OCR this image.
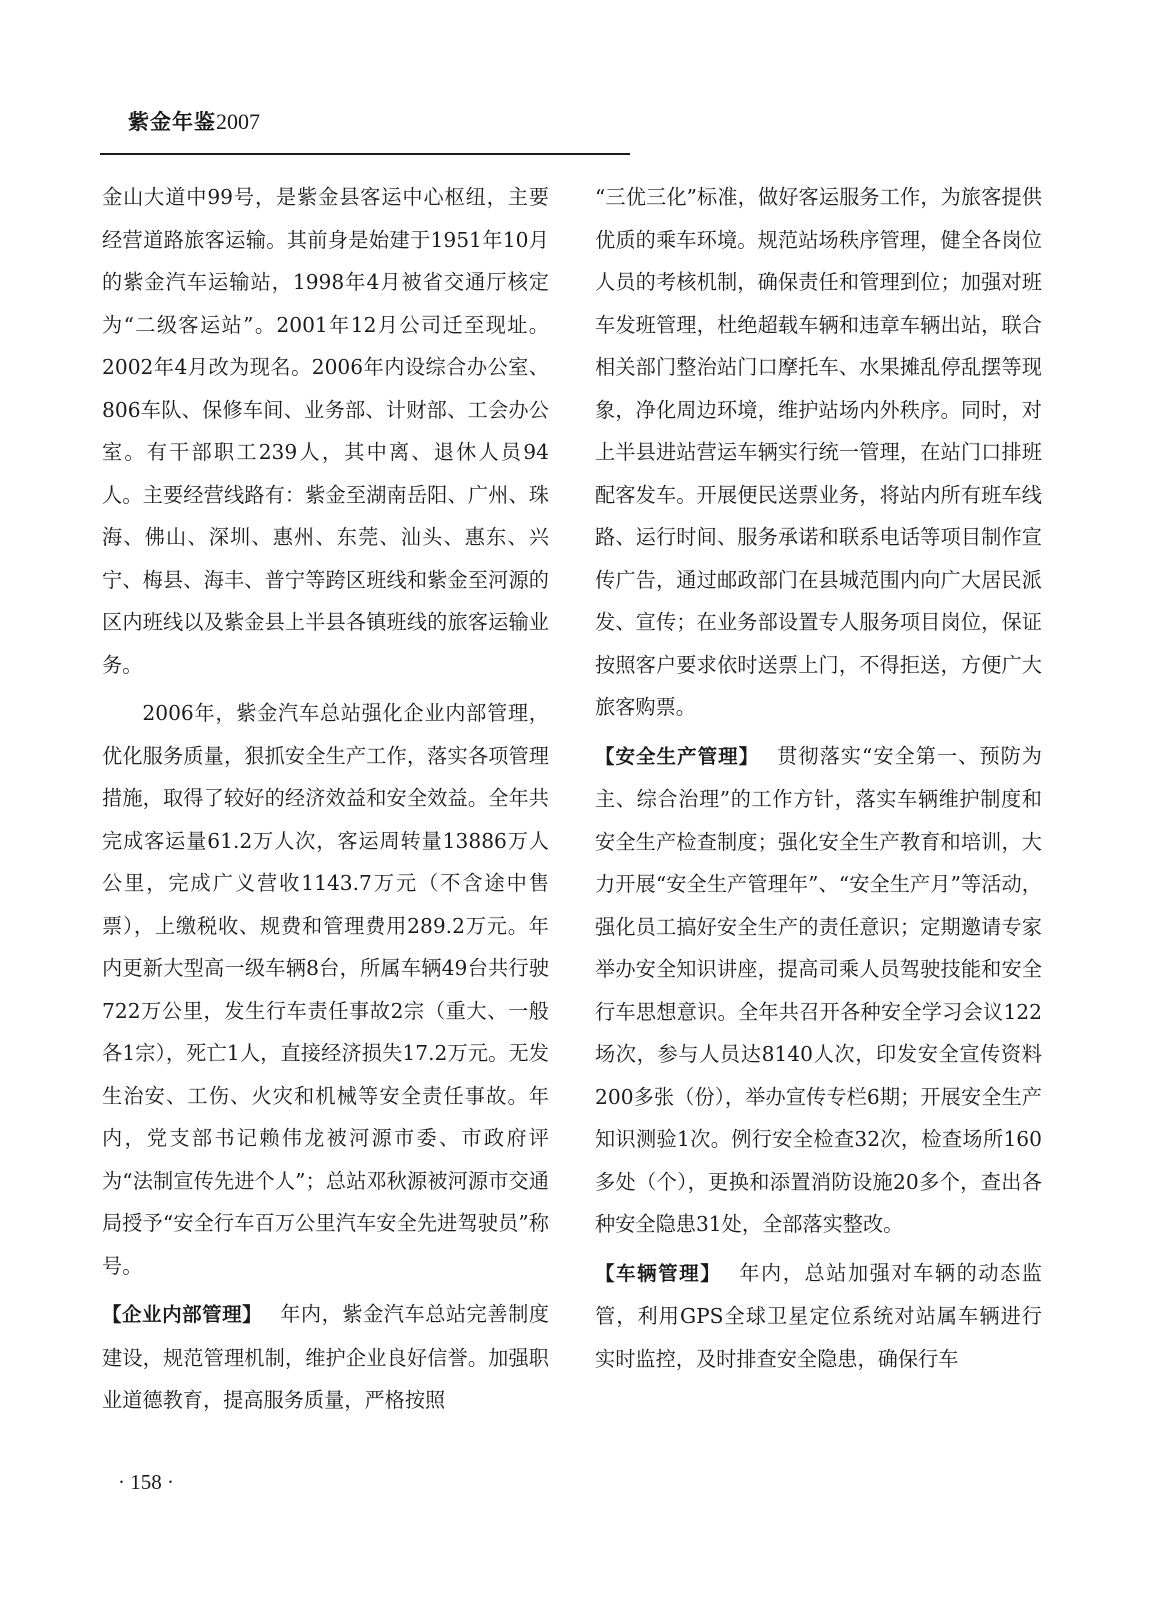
紫金年鉴2007

金山大道中99号，是紫金县客运中心枢纽，主要经营道路旅客运输。其前身是始建于1951年10月的紫金汽车运输站，1998年4月被省交通厅核定为“二级客运站”。2001年12月公司迁至现址。2002年4月改为现名。2006年内设综合办公室、806车队、保修车间、业务部、计财部、工会办公室。有干部职工239人，其中离、退休人员94人。主要经营线路有：紫金至湖南岳阳、广州、珠海、佛山、深圳、惠州、东莞、汕头、惠东、兴宁、梅县、海丰、普宁等跨区班线和紫金至河源的区内班线以及紫金县上半县各镇班线的旅客运输业务。

2006年，紫金汽车总站强化企业内部管理，优化服务质量，狠抓安全生产工作，落实各项管理措施，取得了较好的经济效益和安全效益。全年共完成客运量61.2万人次，客运周转量13886万人公里，完成广义营收1143.7万元（不含途中售票），上缴税收、规费和管理费用289.2万元。年内更新大型高一级车辆8台，所属车辆49台共行驶722万公里，发生行车责任事故2宗（重大、一般各1宗），死亡1人，直接经济损失17.2万元。无发生治安、工伤、火灾和机械等安全责任事故。年内，党支部书记赖伟龙被河源市委、市政府评为“法制宣传先进个人”；总站邓秋源被河源市交通局授予“安全行车百万公里汽车安全先进驾驶员”称号。

【企业内部管理】 年内，紫金汽车总站完善制度建设，规范管理机制，维护企业良好信誉。加强职业道德教育，提高服务质量，严格按照

“三优三化”标准，做好客运服务工作，为旅客提供优质的乘车环境。规范站场秩序管理，健全各岗位人员的考核机制，确保责任和管理到位；加强对班车发班管理，杜绝超载车辆和违章车辆出站，联合相关部门整治站门口摩托车、水果摊乱停乱摆等现象，净化周边环境，维护站场内外秩序。同时，对上半县进站营运车辆实行统一管理，在站门口排班配客发车。开展便民送票业务，将站内所有班车线路、运行时间、服务承诺和联系电话等项目制作宣传广告，通过邮政部门在县城范围内向广大居民派发、宣传；在业务部设置专人服务项目岗位，保证按照客户要求依时送票上门，不得拒送，方便广大旅客购票。

【安全生产管理】 贯彻落实“安全第一、预防为主、综合治理”的工作方针，落实车辆维护制度和安全生产检查制度；强化安全生产教育和培训，大力开展“安全生产管理年”、“安全生产月”等活动，强化员工搞好安全生产的责任意识；定期邀请专家举办安全知识讲座，提高司乘人员驾驶技能和安全行车思想意识。全年共召开各种安全学习会议122场次，参与人员达8140人次，印发安全宣传资料200多张（份），举办宣传专栏6期；开展安全生产知识测验1次。例行安全检查32次，检查场所160多处（个），更换和添置消防设施20多个，查出各种安全隐患31处，全部落实整改。

【车辆管理】 年内，总站加强对车辆的动态监管，利用GPS全球卫星定位系统对站属车辆进行实时监控，及时排查安全隐患，确保行车

· 158 ·
